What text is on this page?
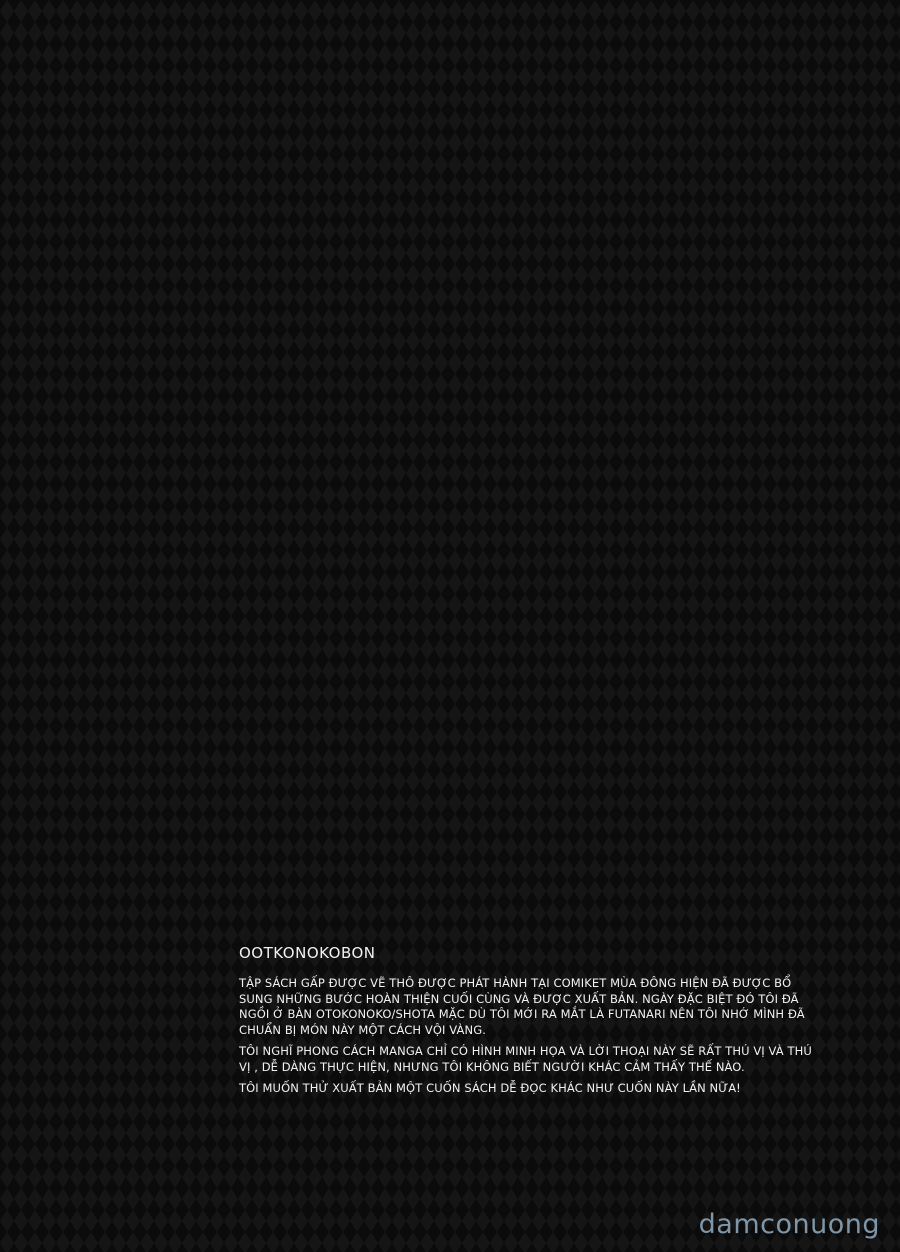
OOTKONOKOBON

TẬP SÁCH GẤP ĐƯỢC VẼ THÔ ĐƯỢC PHÁT HÀNH TẠI COMIKET MÙA ĐÔNG HIỆN ĐÃ ĐƯỢC BỔ SUNG NHỮNG BƯỚC HOÀN THIỆN CUỐI CÙNG VÀ ĐƯỢC XUẤT BẢN. NGÀY ĐẶC BIỆT ĐÓ TÔI ĐÃ NGỒI Ở BÀN OTOKONOKO/SHOTA MẶC DÙ TÔI MỚI RA MẮT LÀ FUTANARI NÊN TÔI NHỚ MÌNH ĐÃ CHUẨN BỊ MÓN NÀY MỘT CÁCH VỘI VÀNG.

TÔI NGHĨ PHONG CÁCH MANGA CHỈ CÓ HÌNH MINH HỌA VÀ LỜI THOẠI NÀY SẼ RẤT THÚ VỊ VÀ THÚ VỊ , DỄ DÀNG THỰC HIỆN, NHƯNG TÔI KHÔNG BIẾT NGƯỜI KHÁC CẢM THẤY THẾ NÀO.

TÔI MUỐN THỬ XUẤT BẢN MỘT CUỐN SÁCH DỄ ĐỌC KHÁC NHƯ CUỐN NÀY LẦN NỮA!

damconuong
